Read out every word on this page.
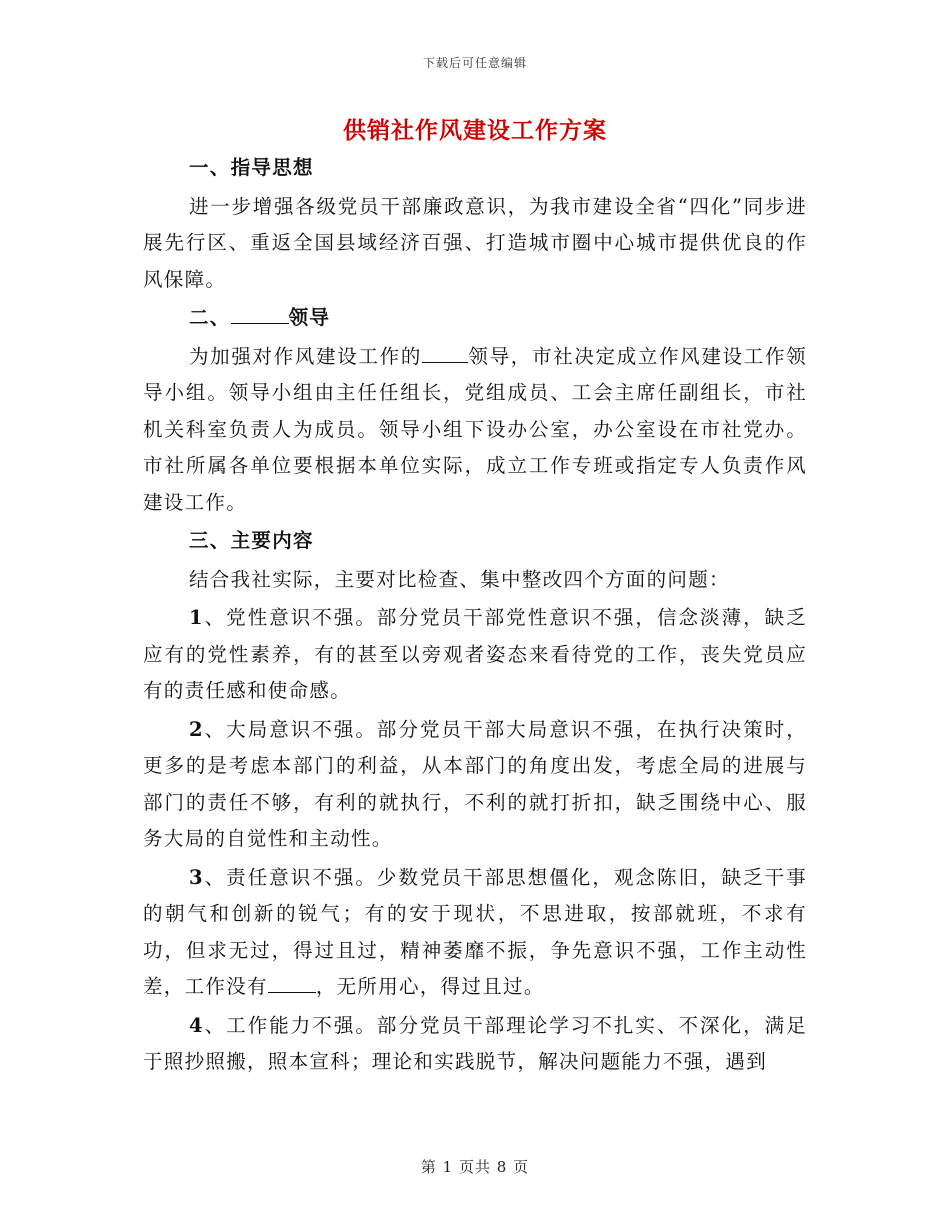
下载后可任意编辑
供销社作风建设工作方案

一、指导思想

进一步增强各级党员干部廉政意识，为我市建设全省“四化”同步进展先行区、重返全国县域经济百强、打造城市圈中心城市提供优良的作风保障。

二、	领导

为加强对作风建设工作的 领导，市社决定成立作风建设工作领导小组。领导小组由主任任组长，党组成员、工会主席任副组长，市社机关科室负责人为成员。领导小组下设办公室，办公室设在市社党办。市社所属各单位要根据本单位实际，成立工作专班或指定专人负责作风建设工作。

三、主要内容

结合我社实际，主要对比检查、集中整改四个方面的问题：

1、党性意识不强。部分党员干部党性意识不强，信念淡薄，缺乏应有的党性素养，有的甚至以旁观者姿态来看待党的工作，丧失党员应有的责任感和使命感。

2、大局意识不强。部分党员干部大局意识不强，在执行决策时，更多的是考虑本部门的利益，从本部门的角度出发，考虑全局的进展与部门的责任不够，有利的就执行，不利的就打折扣，缺乏围绕中心、服务大局的自觉性和主动性。

3、责任意识不强。少数党员干部思想僵化，观念陈旧，缺乏干事的朝气和创新的锐气；有的安于现状，不思进取，按部就班，不求有功，但求无过，得过且过，精神萎靡不振，争先意识不强，工作主动性差，工作没有 ，无所用心，得过且过。

4、工作能力不强。部分党员干部理论学习不扎实、不深化，满足于照抄照搬，照本宣科；理论和实践脱节，解决问题能力不强，遇到

第 1 页共 8 页
